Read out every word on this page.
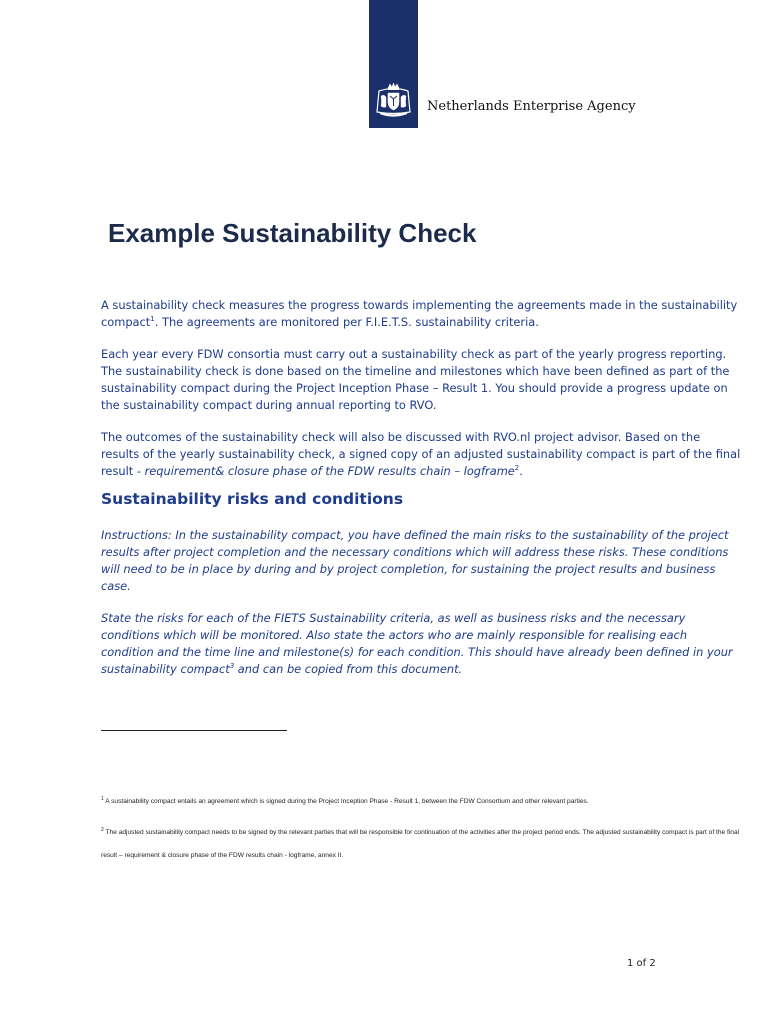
Netherlands Enterprise Agency
Example Sustainability Check

A sustainability check measures the progress towards implementing the agreements made in the sustainability compact$^1$. The agreements are monitored per F.I.E.T.S. sustainability criteria.

Each year every FDW consortia must carry out a sustainability check as part of the yearly progress reporting. The sustainability check is done based on the timeline and milestones which have been defined as part of the sustainability compact during the Project Inception Phase – Result 1. You should provide a progress update on the sustainability compact during annual reporting to RVO.

The outcomes of the sustainability check will also be discussed with RVO.nl project advisor. Based on the results of the yearly sustainability check, a signed copy of an adjusted sustainability compact is part of the final result - requirement& closure phase of the FDW results chain – logframe$^2$.

Sustainability risks and conditions

Instructions: In the sustainability compact, you have defined the main risks to the sustainability of the project results after project completion and the necessary conditions which will address these risks. These conditions will need to be in place by during and by project completion, for sustaining the project results and business case.

State the risks for each of the FIETS Sustainability criteria, as well as business risks and the necessary conditions which will be monitored. Also state the actors who are mainly responsible for realising each condition and the time line and milestone(s) for each condition. This should have already been defined in your sustainability compact$^3$ and can be copied from this document.

$^1$ A sustainability compact entails an agreement which is signed during the Project Inception Phase - Result 1, between the FDW Consortium and other relevant parties.

$^2$ The adjusted sustainability compact needs to be signed by the relevant parties that will be responsible for continuation of the activities after the project period ends. The adjusted sustainability compact is part of the final result – requirement & closure phase of the FDW results chain - logframe, annex II.

1 of 2
